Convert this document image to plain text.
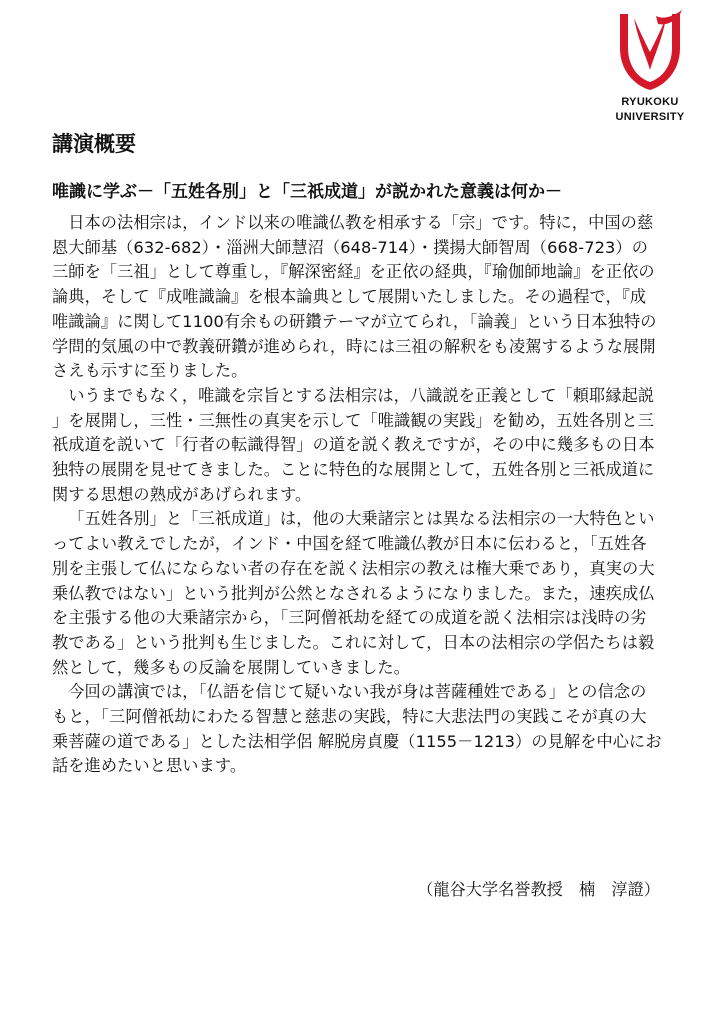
RYUKOKU
UNIVERSITY
講演概要
唯識に学ぶ－「五姓各別」と「三祇成道」が説かれた意義は何か－

日本の法相宗は，インド以来の唯識仏教を相承する「宗」です。特に，中国の慈恩大師基（632-682）・淄洲大師慧沼（648-714）・撲揚大師智周（668-723）の三師を「三祖」として尊重し，『解深密経』を正依の経典，『瑜伽師地論』を正依の論典，そして『成唯識論』を根本論典として展開いたしました。その過程で，『成唯識論』に関して1100有余もの研鑽テーマが立てられ，「論義」という日本独特の学問的気風の中で教義研鑽が進められ，時には三祖の解釈をも凌駕するような展開さえも示すに至りました。

いうまでもなく，唯識を宗旨とする法相宗は，八識説を正義として「頼耶縁起説」を展開し，三性・三無性の真実を示して「唯識観の実践」を勧め，五姓各別と三祇成道を説いて「行者の転識得智」の道を説く教えですが，その中に幾多もの日本独特の展開を見せてきました。ことに特色的な展開として，五姓各別と三祇成道に関する思想の熟成があげられます。

「五姓各別」と「三祇成道」は，他の大乗諸宗とは異なる法相宗の一大特色といってよい教えでしたが，インド・中国を経て唯識仏教が日本に伝わると，「五姓各別を主張して仏にならない者の存在を説く法相宗の教えは権大乗であり，真実の大乗仏教ではない」という批判が公然となされるようになりました。また，速疾成仏を主張する他の大乗諸宗から，「三阿僧祇劫を経ての成道を説く法相宗は浅時の劣教である」という批判も生じました。これに対して，日本の法相宗の学侶たちは毅然として，幾多もの反論を展開していきました。

今回の講演では，「仏語を信じて疑いない我が身は菩薩種姓である」との信念のもと，「三阿僧祇劫にわたる智慧と慈悲の実践，特に大悲法門の実践こそが真の大乗菩薩の道である」とした法相学侶 解脱房貞慶（1155－1213）の見解を中心にお話を進めたいと思います。

（龍谷大学名誉教授　楠　淳證）
